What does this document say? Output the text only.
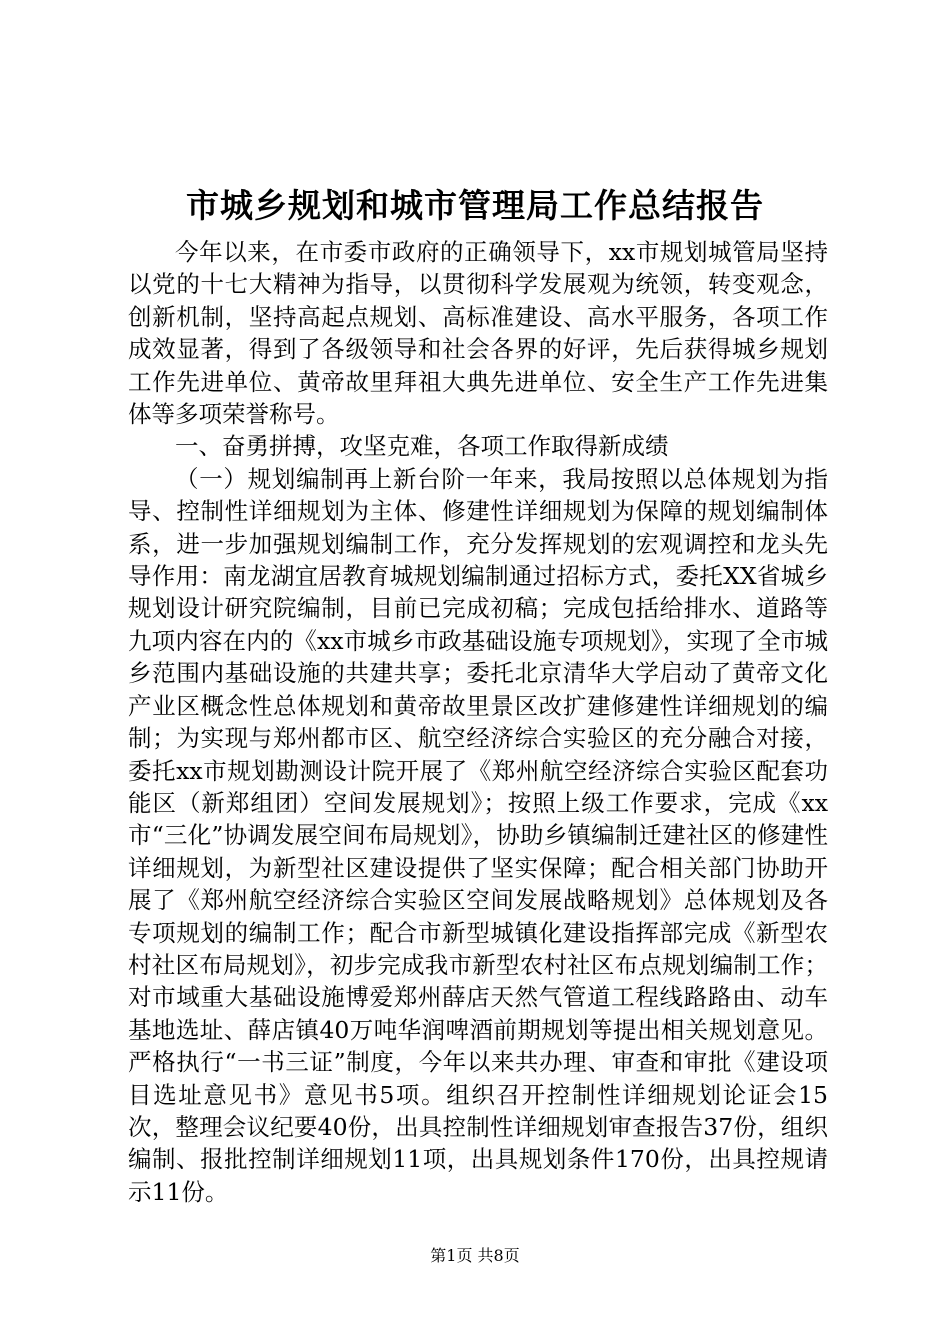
市城乡规划和城市管理局工作总结报告

今年以来，在市委市政府的正确领导下，xx市规划城管局坚持以党的十七大精神为指导，以贯彻科学发展观为统领，转变观念，创新机制，坚持高起点规划、高标准建设、高水平服务，各项工作成效显著，得到了各级领导和社会各界的好评，先后获得城乡规划工作先进单位、黄帝故里拜祖大典先进单位、安全生产工作先进集体等多项荣誉称号。

一、奋勇拼搏，攻坚克难，各项工作取得新成绩

（一）规划编制再上新台阶一年来，我局按照以总体规划为指导、控制性详细规划为主体、修建性详细规划为保障的规划编制体系，进一步加强规划编制工作，充分发挥规划的宏观调控和龙头先导作用：南龙湖宜居教育城规划编制通过招标方式，委托XX省城乡规划设计研究院编制，目前已完成初稿；完成包括给排水、道路等九项内容在内的《xx市城乡市政基础设施专项规划》，实现了全市城乡范围内基础设施的共建共享；委托北京清华大学启动了黄帝文化产业区概念性总体规划和黄帝故里景区改扩建修建性详细规划的编制；为实现与郑州都市区、航空经济综合实验区的充分融合对接，委托xx市规划勘测设计院开展了《郑州航空经济综合实验区配套功能区（新郑组团）空间发展规划》；按照上级工作要求，完成《xx市“三化”协调发展空间布局规划》，协助乡镇编制迁建社区的修建性详细规划，为新型社区建设提供了坚实保障；配合相关部门协助开展了《郑州航空经济综合实验区空间发展战略规划》总体规划及各专项规划的编制工作；配合市新型城镇化建设指挥部完成《新型农村社区布局规划》，初步完成我市新型农村社区布点规划编制工作；对市域重大基础设施博爱郑州薛店天然气管道工程线路路由、动车基地选址、薛店镇40万吨华润啤酒前期规划等提出相关规划意见。严格执行“一书三证”制度，今年以来共办理、审查和审批《建设项目选址意见书》意见书5项。组织召开控制性详细规划论证会15次，整理会议纪要40份，出具控制性详细规划审查报告37份，组织编制、报批控制详细规划11项，出具规划条件170份，出具控规请示11份。

第1页 共8页
